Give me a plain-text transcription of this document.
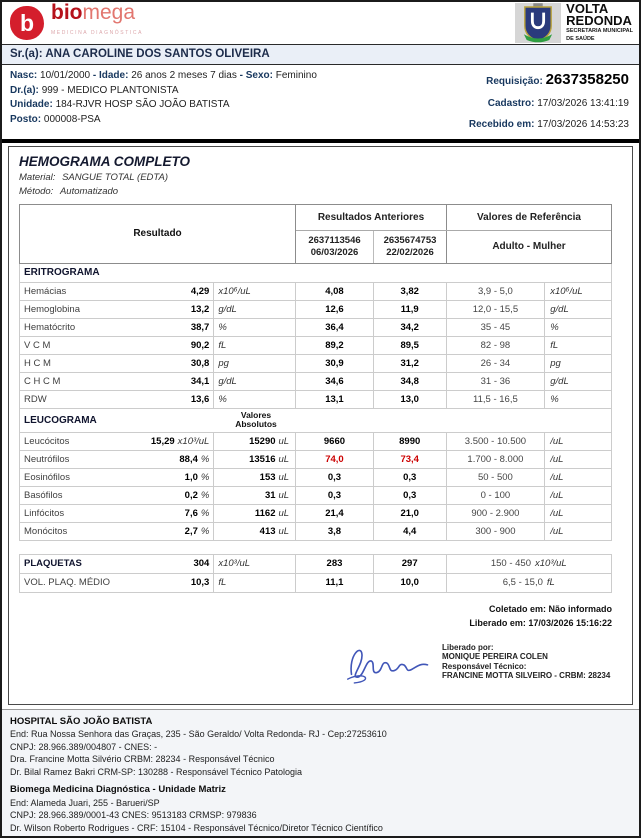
b biomega
MEDICINA DIAGNÓSTICA
VOLTA
REDONDA
SECRETARIA MUNICIPAL
DE SAÚDE
Sr.(a): ANA CAROLINE DOS SANTOS OLIVEIRA
Nasc: 10/01/2000 - Idade: 26 anos 2 meses 7 dias - Sexo: Feminino
Dr.(a): 999 - MEDICO PLANTONISTA
Unidade: 184-RJVR HOSP SÃO JOÃO BATISTA
Posto: 000008-PSA
Requisição: 2637358250
Cadastro: 17/03/2026 13:41:19
Recebido em: 17/03/2026 14:53:23
HEMOGRAMA COMPLETO
Material: SANGUE TOTAL (EDTA)
Método: Automatizado
Resultado
Resultados Anteriores	Valores de Referência
2637113546
06/03/2026
2635674753
22/02/2026	Adulto - Mulher
ERITROGRAMA
Hemácias	4,29 x10⁶/uL	4,08	3,82	3,9 - 5,0	x10⁶/uL
Hemoglobina	13,2 g/dL	12,6	11,9	12,0 - 15,5	g/dL
Hematócrito	38,7 %	36,4	34,2	35 - 45	%
V C M	90,2 fL	89,2	89,5	82 - 98	fL
H C M	30,8 pg	30,9	31,2	26 - 34	pg
C H C M	34,1 g/dL	34,6	34,8	31 - 36	g/dL
RDW	13,6 %	13,1	13,0	11,5 - 16,5	%
LEUCOGRAMA	Valores
Absolutos
Leucócitos	15,29 x10³/uL	15290 uL	9660	8990	3.500 - 10.500	/uL
Neutrófilos	88,4 %	13516 uL	74,0	73,4	1.700 - 8.000	/uL
Eosinófilos	1,0 %	153 uL	0,3	0,3	50 - 500	/uL
Basófilos	0,2 %	31 uL	0,3	0,3	0 - 100	/uL
Linfócitos	7,6 %	1162 uL	21,4	21,0	900 - 2.900	/uL
Monócitos	2,7 %	413 uL	3,8	4,4	300 - 900	/uL
PLAQUETAS	304 x10³/uL	283	297	150 - 450 x10³/uL
VOL. PLAQ. MÉDIO	10,3 fL	11,1	10,0	6,5 - 15,0 fL
Coletado em: Não informado
Liberado em: 17/03/2026 15:16:22
Liberado por:
MONIQUE PEREIRA COLEN
Responsável Técnico:
FRANCINE MOTTA SILVEIRO - CRBM: 28234
HOSPITAL SÃO JOÃO BATISTA
End: Rua Nossa Senhora das Graças, 235 - São Geraldo/ Volta Redonda- RJ - Cep:27253610
CNPJ: 28.966.389/004807 - CNES: -
Dra. Francine Motta Silvério CRBM: 28234 - Responsável Técnico
Dr. Bilal Ramez Bakri CRM-SP: 130288 - Responsável Técnico Patologia
Biomega Medicina Diagnóstica - Unidade Matriz
End: Alameda Juari, 255 - Barueri/SP
CNPJ: 28.966.389/0001-43 CNES: 9513183 CRMSP: 979836
Dr. Wilson Roberto Rodrigues - CRF: 15104 - Responsável Técnico/Diretor Técnico Científico
